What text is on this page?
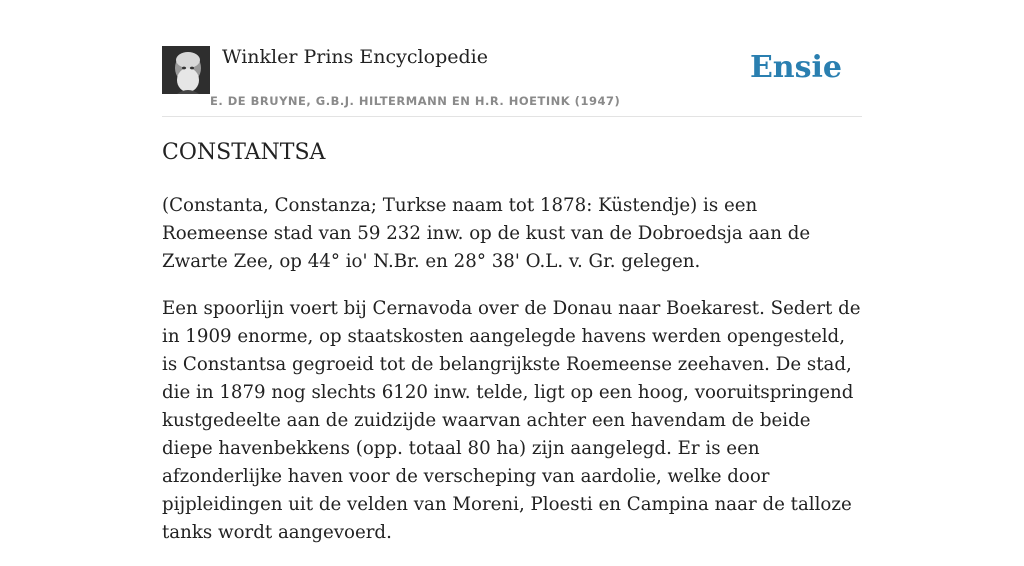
Winkler Prins Encyclopedie
E. DE BRUYNE, G.B.J. HILTERMANN EN H.R. HOETINK (1947)
Ensie
CONSTANTSA

(Constanta, Constanza; Turkse naam tot 1878: Küstendje) is een Roemeense stad van 59 232 inw. op de kust van de Dobroedsja aan de Zwarte Zee, op 44° io' N.Br. en 28° 38' O.L. v. Gr. gelegen.

Een spoorlijn voert bij Cernavoda over de Donau naar Boekarest. Sedert de in 1909 enorme, op staatskosten aangelegde havens werden opengesteld, is Constantsa gegroeid tot de belangrijkste Roemeense zeehaven. De stad, die in 1879 nog slechts 6120 inw. telde, ligt op een hoog, vooruitspringend kustgedeelte aan de zuidzijde waarvan achter een havendam de beide diepe havenbekkens (opp. totaal 80 ha) zijn aangelegd. Er is een afzonderlijke haven voor de verscheping van aardolie, welke door pijpleidingen uit de velden van Moreni, Ploesti en Campina naar de talloze tanks wordt aangevoerd.
